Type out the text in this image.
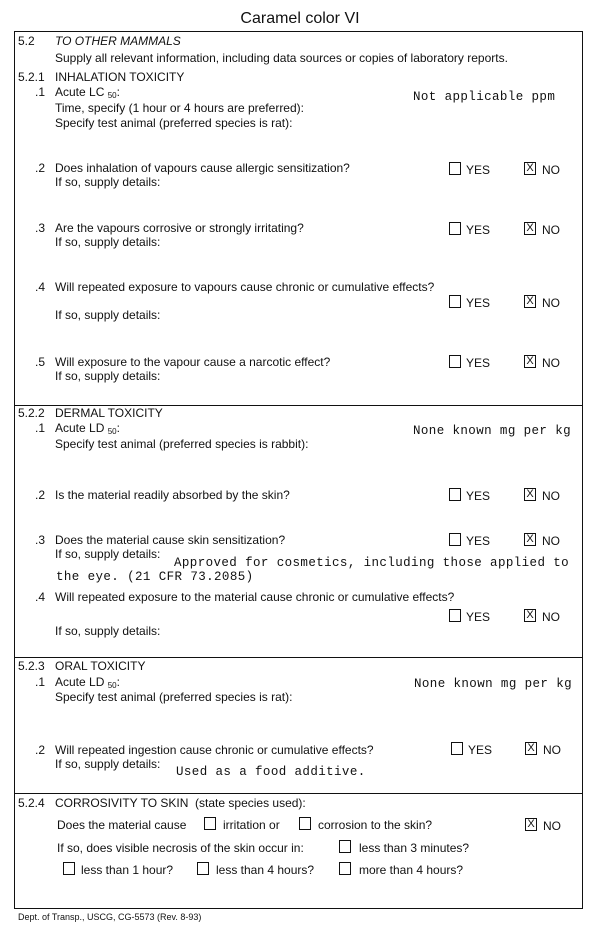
Caramel color VI
5.2 TO OTHER MAMMALS
Supply all relevant information, including data sources or copies of laboratory reports.
5.2.1 INHALATION TOXICITY
.1 Acute LC $_{50}$:	Not applicable ppm
Time, specify (1 hour or 4 hours are preferred):
Specify test animal (preferred species is rat):
.2 Does inhalation of vapours cause allergic sensitization?
If so, supply details:
YES X	NO
.3 Are the vapours corrosive or strongly irritating?
If so, supply details:
YES X	NO
.4 Will repeated exposure to vapours cause chronic or cumulative effects?
If so, supply details:
YES X	NO
.5 Will exposure to the vapour cause a narcotic effect?
If so, supply details:
YES X	NO
5.2.2 DERMAL TOXICITY
.1 Acute LD $_{50}$:	None known mg per kg
Specify test animal (preferred species is rabbit):
.2 Is the material readily absorbed by the skin?	YES X	NO
.3 Does the material cause skin sensitization?
If so, supply details:
Approved for cosmetics, including those applied to
the eye. (21 CFR 73.2085)
YES X	NO
.4 Will repeated exposure to the material cause chronic or cumulative effects?
If so, supply details:
YES X	NO
5.2.3 ORAL TOXICITY
.1 Acute LD $_{50}$:	None known mg per kg
Specify test animal (preferred species is rat):
.2 Will repeated ingestion cause chronic or cumulative effects?
If so, supply details:
Used as a food additive.
YES X	NO
5.2.4 CORROSIVITY TO SKIN (state species used):
Does the material cause	irritation or	corrosion to the skin? X	NO
If so, does visible necrosis of the skin occur in:	less than 3 minutes?
less than 1 hour?	less than 4 hours?	more than 4 hours?
Dept. of Transp., USCG, CG-5573 (Rev. 8-93)
